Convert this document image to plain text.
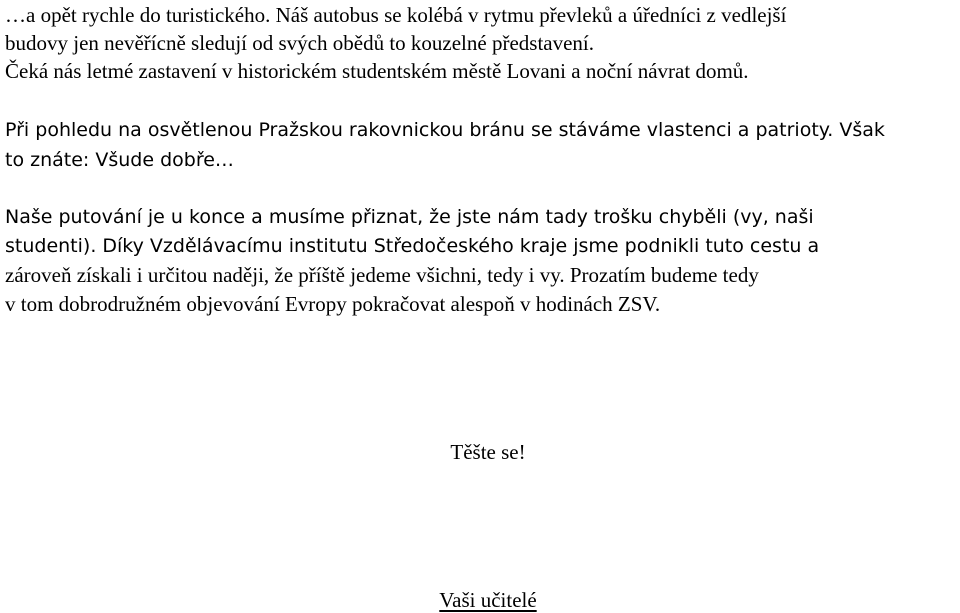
…a opět rychle do turistického. Náš autobus se kolébá v rytmu převleků a úředníci z vedlejší
budovy jen nevěřícně sledují od svých obědů to kouzelné představení.
Čeká nás letmé zastavení v historickém studentském městě Lovani a noční návrat domů.
Při pohledu na osvětlenou Pražskou rakovnickou bránu se stáváme vlastenci a patrioty. Však
to znáte: Všude dobře…
Naše putování je u konce a musíme přiznat, že jste nám tady trošku chyběli (vy, naši
studenti). Díky Vzdělávacímu institutu Středočeského kraje jsme podnikli tuto cestu a
zároveň získali i určitou naději, že příště jedeme všichni, tedy i vy. Prozatím budeme tedy
v tom dobrodružném objevování Evropy pokračovat alespoň v hodinách ZSV.
Těšte se!
Vaši učitelé
